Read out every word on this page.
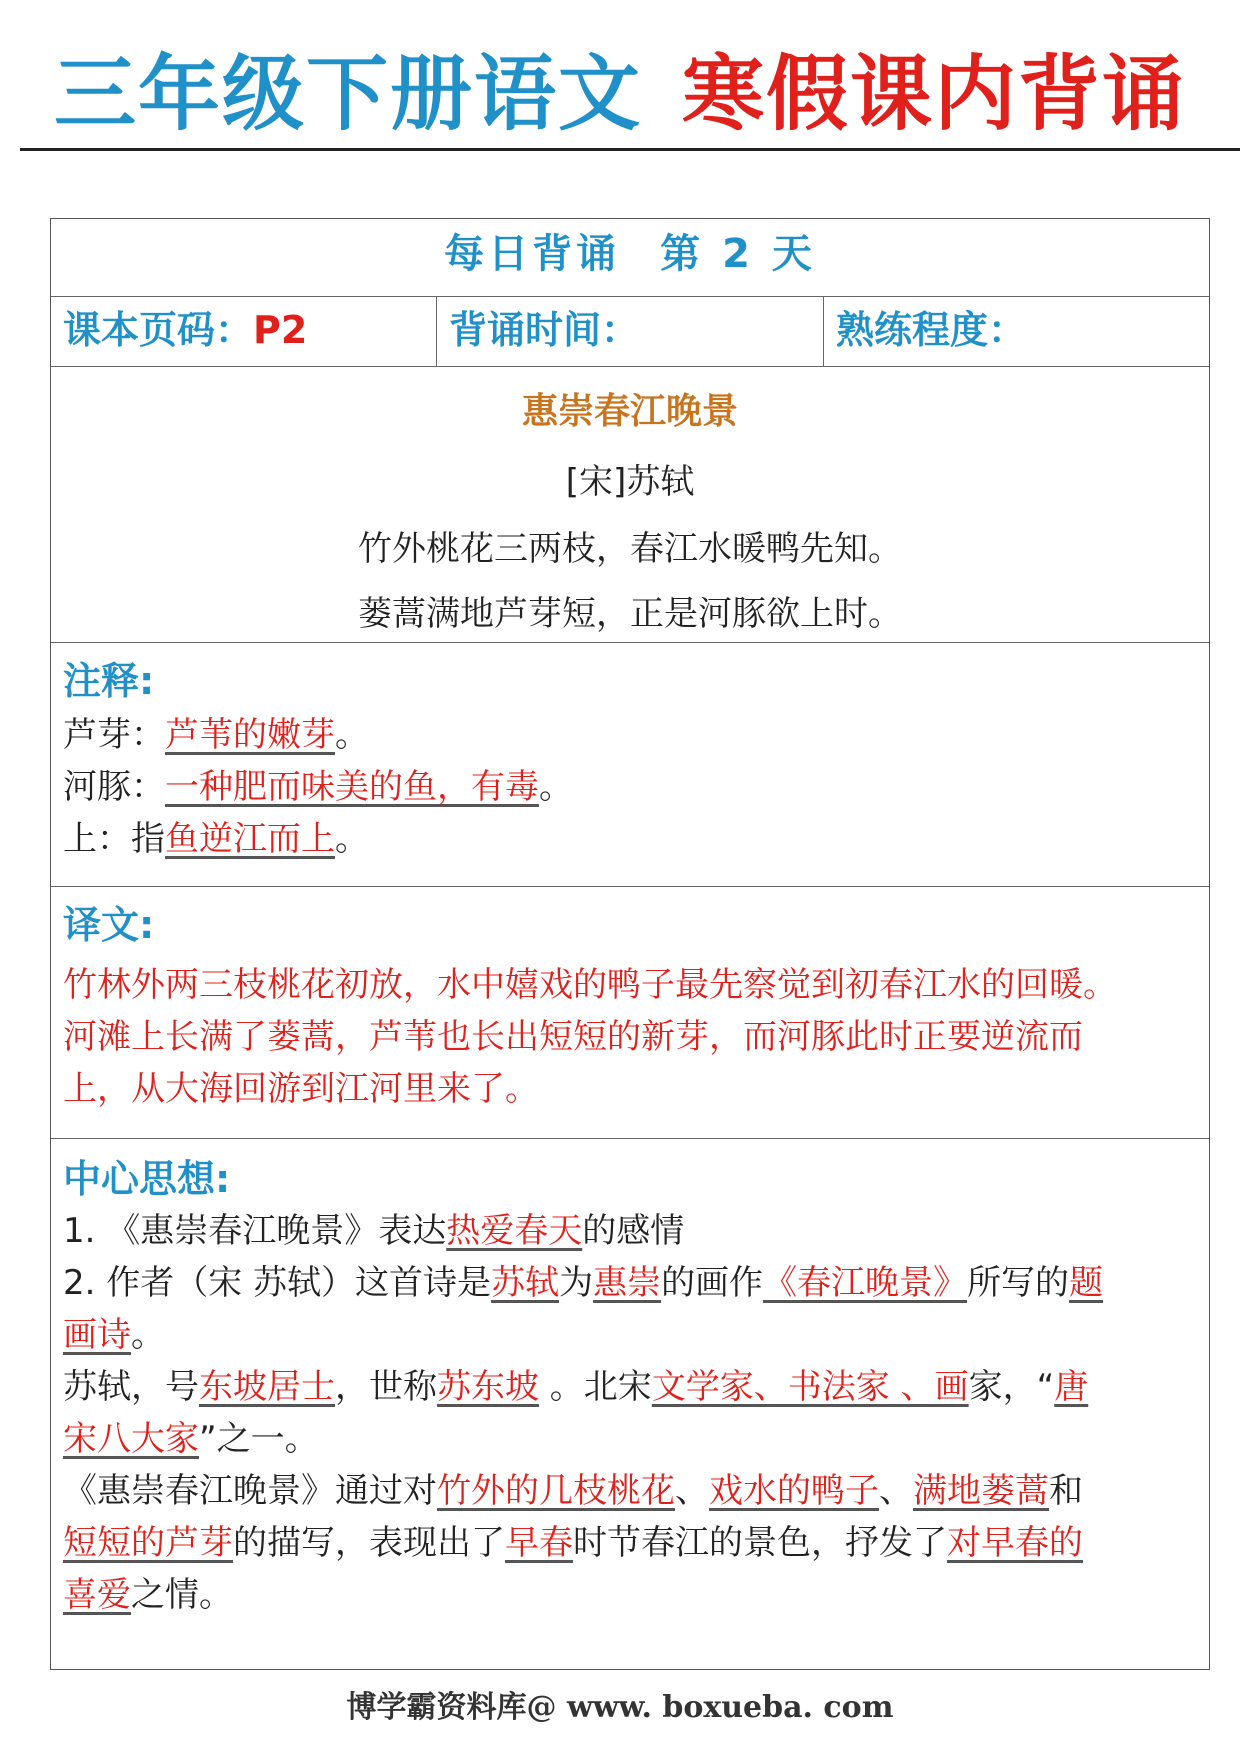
三年级下册语文 寒假课内背诵
每日背诵 第 2 天
课本页码：P2	背诵时间：	熟练程度：
惠崇春江晚景
[宋]苏轼
竹外桃花三两枝，春江水暖鸭先知。
蒌蒿满地芦芽短，正是河豚欲上时。
注释:
芦芽：芦苇的嫩芽。
河豚：一种肥而味美的鱼，有毒。
上：指鱼逆江而上。
译文:
竹林外两三枝桃花初放，水中嬉戏的鸭子最先察觉到初春江水的回暖。
河滩上长满了蒌蒿，芦苇也长出短短的新芽，而河豚此时正要逆流而
上，从大海回游到江河里来了。
中心思想:
1. 《惠崇春江晚景》表达热爱春天的感情
2. 作者（宋 苏轼）这首诗是苏轼为惠崇的画作《春江晚景》所写的题
画诗。
苏轼，号东坡居士，世称苏东坡 。北宋文学家、书法家 、画家，“唐
宋八大家”之一。
《惠崇春江晚景》通过对竹外的几枝桃花、戏水的鸭子、满地蒌蒿和
短短的芦芽的描写，表现出了早春时节春江的景色，抒发了对早春的
喜爱之情。
博学霸资料库@ www. boxueba. com
